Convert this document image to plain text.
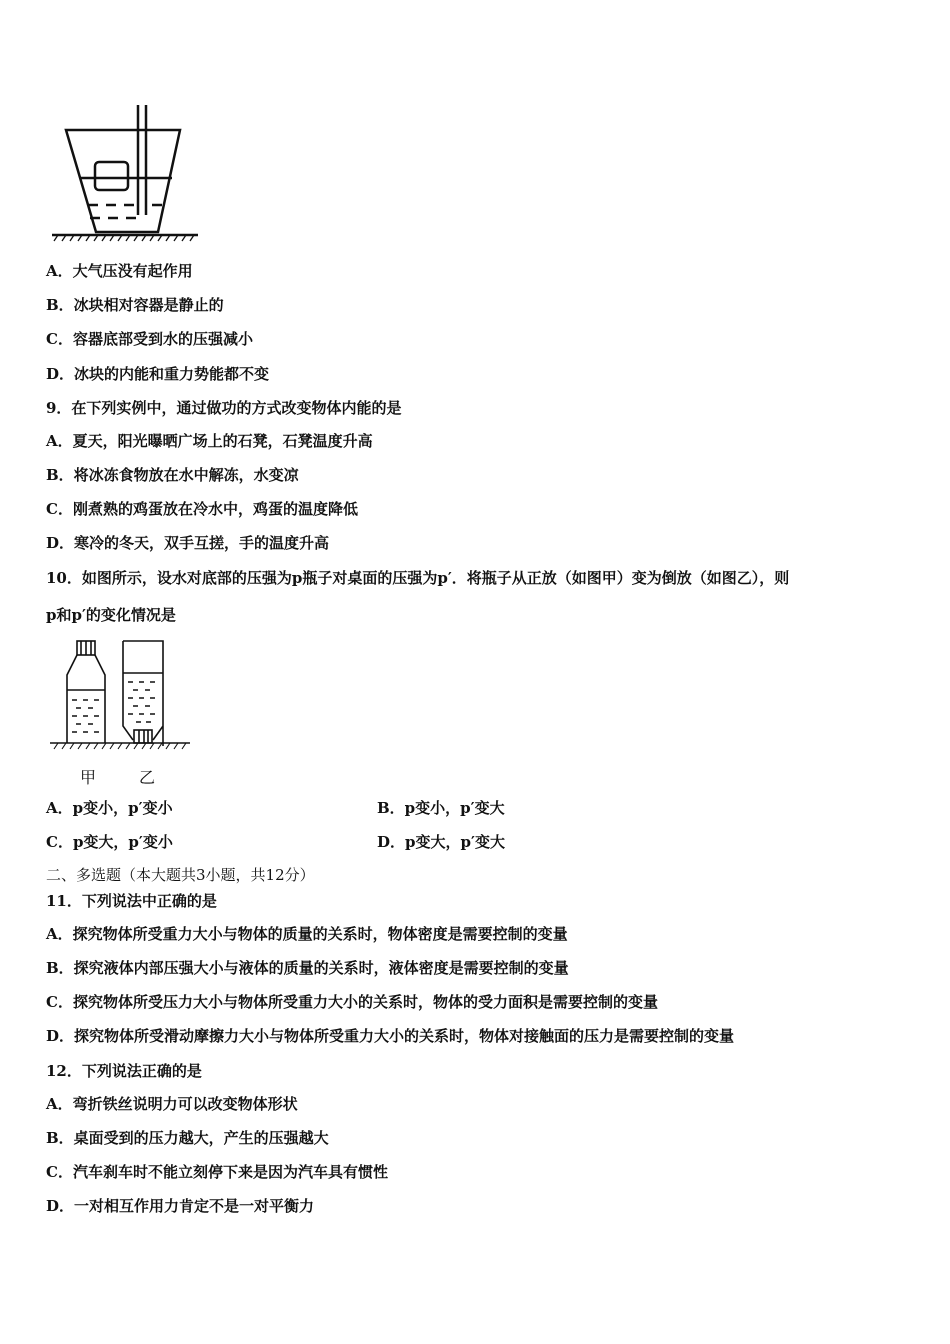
A．大气压没有起作用
B．冰块相对容器是静止的
C．容器底部受到水的压强减小
D．冰块的内能和重力势能都不变
9．在下列实例中，通过做功的方式改变物体内能的是
A．夏天，阳光曝晒广场上的石凳，石凳温度升高
B．将冰冻食物放在水中解冻，水变凉
C．刚煮熟的鸡蛋放在冷水中，鸡蛋的温度降低
D．寒冷的冬天，双手互搓，手的温度升高
10．如图所示，设水对底部的压强为p瓶子对桌面的压强为p′．将瓶子从正放（如图甲）变为倒放（如图乙），则
p和p′的变化情况是
甲	乙
A．p变小，p′变小	B．p变小，p′变大
C．p变大，p′变小	D．p变大，p′变大
二、多选题（本大题共3小题，共12分）
11．下列说法中正确的是
A．探究物体所受重力大小与物体的质量的关系时，物体密度是需要控制的变量
B．探究液体内部压强大小与液体的质量的关系时，液体密度是需要控制的变量
C．探究物体所受压力大小与物体所受重力大小的关系时，物体的受力面积是需要控制的变量
D．探究物体所受滑动摩擦力大小与物体所受重力大小的关系时，物体对接触面的压力是需要控制的变量
12．下列说法正确的是
A．弯折铁丝说明力可以改变物体形状
B．桌面受到的压力越大，产生的压强越大
C．汽车刹车时不能立刻停下来是因为汽车具有惯性
D．一对相互作用力肯定不是一对平衡力
